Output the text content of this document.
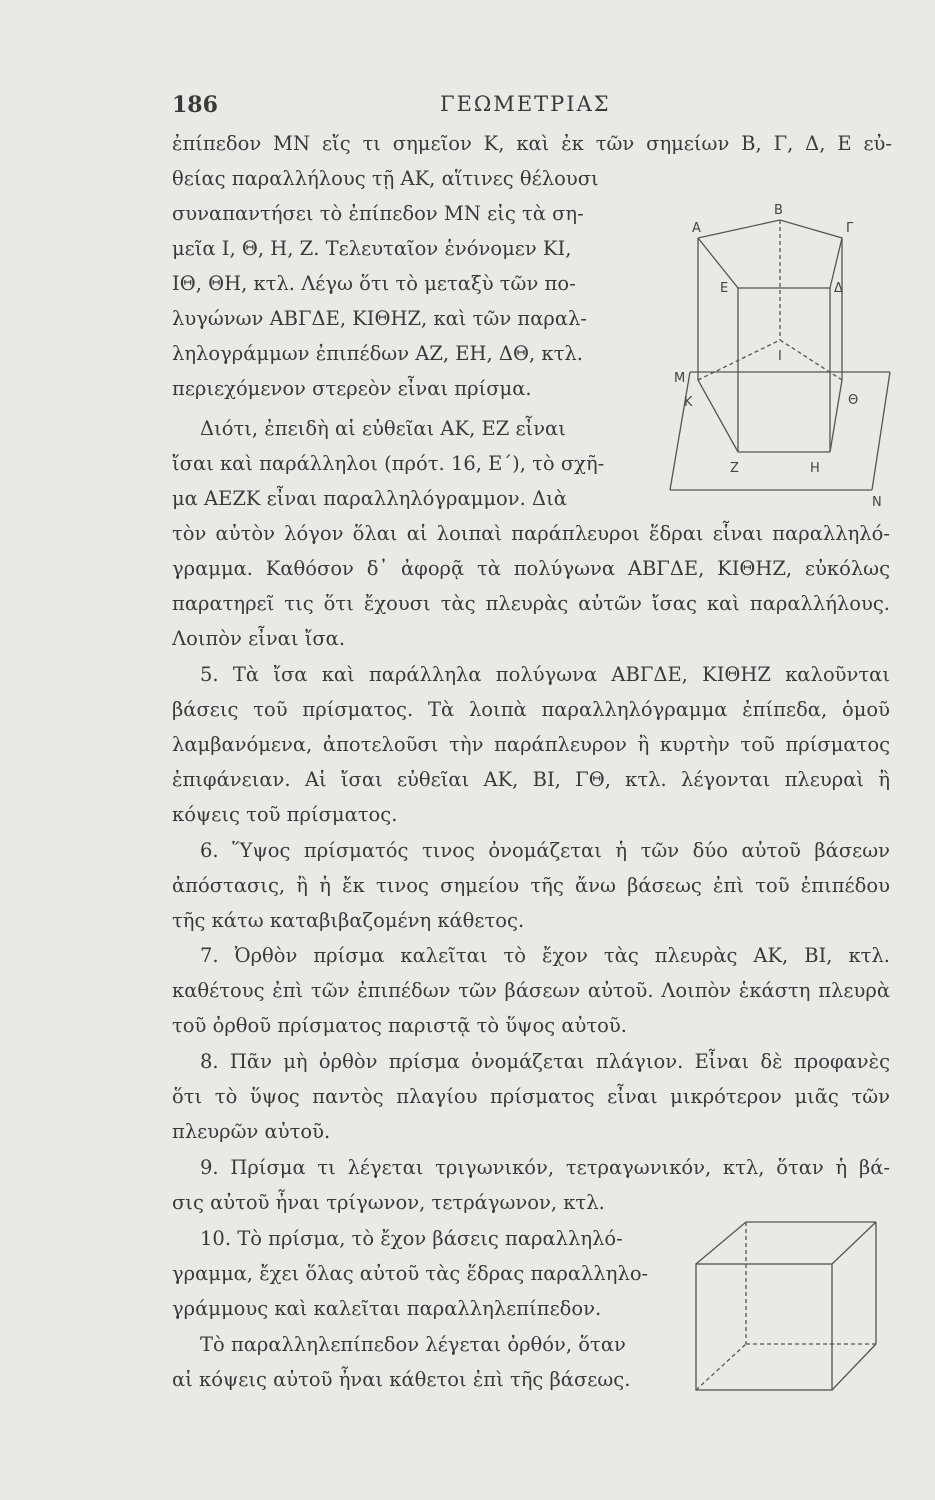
186	ΓΕΩΜΕΤΡΙΑΣ
ἐπίπεδον ΜΝ εἴς τι σημεῖον Κ, καὶ ἐκ τῶν σημείων Β, Γ, Δ, Ε εὐ-
θείας παραλλήλους τῇ ΑΚ, αἵτινες θέλουσι
συναπαντήσει τὸ ἐπίπεδον ΜΝ εἰς τὰ ση-
μεῖα Ι, Θ, Η, Ζ. Τελευταῖον ἑνόνομεν ΚΙ,
ΙΘ, ΘΗ, κτλ. Λέγω ὅτι τὸ μεταξὺ τῶν πο-
λυγώνων ΑΒΓΔΕ, ΚΙΘΗΖ, καὶ τῶν παραλ-
ληλογράμμων ἐπιπέδων ΑΖ, ΕΗ, ΔΘ, κτλ.
περιεχόμενον στερεὸν εἶναι πρίσμα.
Διότι, ἐπειδὴ αἱ εὐθεῖαι ΑΚ, ΕΖ εἶναι
ἴσαι καὶ παράλληλοι (πρότ. 16, Ε΄), τὸ σχῆ-
μα ΑΕΖΚ εἶναι παραλληλόγραμμον. Διὰ
τὸν αὐτὸν λόγον ὅλαι αἱ λοιπαὶ παράπλευροι ἕδραι εἶναι παραλληλό-
γραμμα. Καθόσον δ᾽ ἀφορᾷ τὰ πολύγωνα ΑΒΓΔΕ, ΚΙΘΗΖ, εὐκόλως
παρατηρεῖ τις ὅτι ἔχουσι τὰς πλευρὰς αὐτῶν ἴσας καὶ παραλλήλους.
Λοιπὸν εἶναι ἴσα.
5. Τὰ ἴσα καὶ παράλληλα πολύγωνα ΑΒΓΔΕ, ΚΙΘΗΖ καλοῦνται
βάσεις τοῦ πρίσματος. Τὰ λοιπὰ παραλληλόγραμμα ἐπίπεδα, ὁμοῦ
λαμβανόμενα, ἀποτελοῦσι τὴν παράπλευρον ἢ κυρτὴν τοῦ πρίσματος
ἐπιφάνειαν. Αἱ ἴσαι εὐθεῖαι ΑΚ, ΒΙ, ΓΘ, κτλ. λέγονται πλευραὶ ἢ
κόψεις τοῦ πρίσματος.
6. Ὕψος πρίσματός τινος ὀνομάζεται ἡ τῶν δύο αὐτοῦ βάσεων
ἀπόστασις, ἢ ἡ ἔκ τινος σημείου τῆς ἄνω βάσεως ἐπὶ τοῦ ἐπιπέδου
τῆς κάτω καταβιβαζομένη κάθετος.
7. Ὀρθὸν πρίσμα καλεῖται τὸ ἔχον τὰς πλευρὰς ΑΚ, ΒΙ, κτλ.
καθέτους ἐπὶ τῶν ἐπιπέδων τῶν βάσεων αὐτοῦ. Λοιπὸν ἑκάστη πλευρὰ
τοῦ ὀρθοῦ πρίσματος παριστᾷ τὸ ὕψος αὐτοῦ.
8. Πᾶν μὴ ὀρθὸν πρίσμα ὀνομάζεται πλάγιον. Εἶναι δὲ προφανὲς
ὅτι τὸ ὕψος παντὸς πλαγίου πρίσματος εἶναι μικρότερον μιᾶς τῶν
πλευρῶν αὐτοῦ.
9. Πρίσμα τι λέγεται τριγωνικόν, τετραγωνικόν, κτλ, ὅταν ἡ βά-
σις αὐτοῦ ἦναι τρίγωνον, τετράγωνον, κτλ.
10. Τὸ πρίσμα, τὸ ἔχον βάσεις παραλληλό-
γραμμα, ἔχει ὅλας αὐτοῦ τὰς ἕδρας παραλληλο-
γράμμους καὶ καλεῖται παραλληλεπίπεδον.
Τὸ παραλληλεπίπεδον λέγεται ὀρθόν, ὅταν
αἱ κόψεις αὐτοῦ ἦναι κάθετοι ἐπὶ τῆς βάσεως.
Α
Β
Γ
Ε	Δ
Μ
Κ
Ι
Θ
Ζ	Η
Ν
